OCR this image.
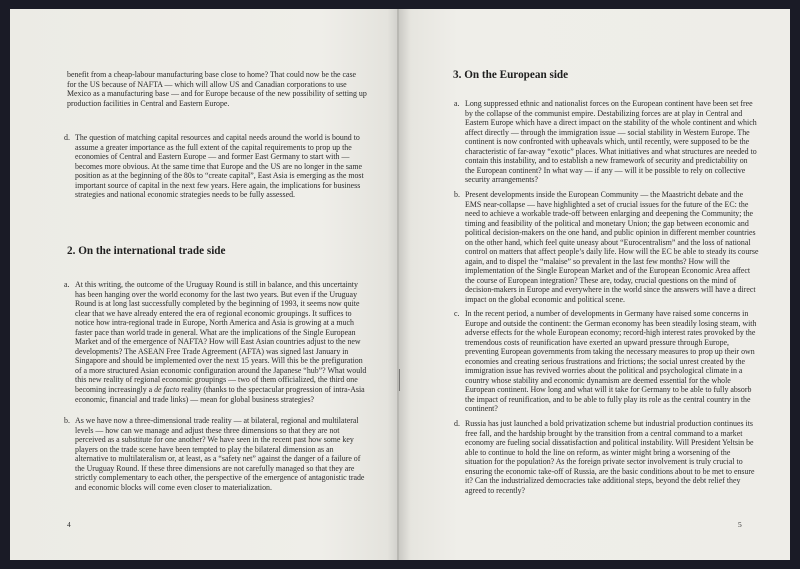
benefit from a cheap-labour manufacturing base close to home? That could now be the case for the US because of NAFTA — which will allow US and Canadian corporations to use Mexico as a manufacturing base — and for Europe because of the new possibility of setting up production facilities in Central and Eastern Europe.

d. The question of matching capital resources and capital needs around the world is bound to assume a greater importance as the full extent of the capital requirements to prop up the economies of Central and Eastern Europe — and former East Germany to start with — becomes more obvious. At the same time that Europe and the US are no longer in the same position as at the beginning of the 80s to “create capital”, East Asia is emerging as the most important source of capital in the next few years. Here again, the implications for business strategies and national economic strategies needs to be fully assessed.
2. On the international trade side
a. At this writing, the outcome of the Uruguay Round is still in balance, and this uncertainty has been hanging over the world economy for the last two years. But even if the Uruguay Round is at long last successfully completed by the beginning of 1993, it seems now quite clear that we have already entered the era of regional economic groupings. It suffices to notice how intra-regional trade in Europe, North America and Asia is growing at a much faster pace than world trade in general. What are the implications of the Single European Market and of the emergence of NAFTA? How will East Asian countries adjust to the new developments? The ASEAN Free Trade Agreement (AFTA) was signed last January in Singapore and should be implemented over the next 15 years. Will this be the prefiguration of a more structured Asian economic configuration around the Japanese “hub”? What would this new reality of regional economic groupings — two of them officialized, the third one becoming increasingly a de facto reality (thanks to the spectacular progression of intra-Asia economic, financial and trade links) — mean for global business strategies?
b. As we have now a three-dimensional trade reality — at bilateral, regional and multilateral levels — how can we manage and adjust these three dimensions so that they are not perceived as a substitute for one another? We have seen in the recent past how some key players on the trade scene have been tempted to play the bilateral dimension as an alternative to multilateralism or, at least, as a “safety net” against the danger of a failure of the Uruguay Round. If these three dimensions are not carefully managed so that they are strictly complementary to each other, the perspective of the emergence of antagonistic trade and economic blocks will come even closer to materialization.
4
3. On the European side
a. Long suppressed ethnic and nationalist forces on the European continent have been set free by the collapse of the communist empire. Destabilizing forces are at play in Central and Eastern Europe which have a direct impact on the stability of the whole continent and which affect directly — through the immigration issue — social stability in Western Europe. The continent is now confronted with upheavals which, until recently, were supposed to be the characteristic of far-away “exotic” places. What initiatives and what structures are needed to contain this instability, and to establish a new framework of security and predictability on the European continent? In what way — if any — will it be possible to rely on collective security arrangements?
b. Present developments inside the European Community — the Maastricht debate and the EMS near-collapse — have highlighted a set of crucial issues for the future of the EC: the need to achieve a workable trade-off between enlarging and deepening the Community; the timing and feasibility of the political and monetary Union; the gap between economic and political decision-makers on the one hand, and public opinion in different member countries on the other hand, which feel quite uneasy about “Eurocentralism” and the loss of national control on matters that affect people’s daily life. How will the EC be able to steady its course again, and to dispel the “malaise” so prevalent in the last few months? How will the implementation of the Single European Market and of the European Economic Area affect the course of European integration? These are, today, crucial questions on the mind of decision-makers in Europe and everywhere in the world since the answers will have a direct impact on the global economic and political scene.
c. In the recent period, a number of developments in Germany have raised some concerns in Europe and outside the continent: the German economy has been steadily losing steam, with adverse effects for the whole European economy; record-high interest rates provoked by the tremendous costs of reunification have exerted an upward pressure through Europe, preventing European governments from taking the necessary measures to prop up their own economies and creating serious frustrations and frictions; the social unrest created by the immigration issue has revived worries about the political and psychological climate in a country whose stability and economic dynamism are deemed essential for the whole European continent. How long and what will it take for Germany to be able to fully absorb the impact of reunification, and to be able to fully play its role as the central country in the continent?
d. Russia has just launched a bold privatization scheme but industrial production continues its free fall, and the hardship brought by the transition from a central command to a market economy are fueling social dissatisfaction and political instability. Will President Yeltsin be able to continue to hold the line on reform, as winter might bring a worsening of the situation for the population? As the foreign private sector involvement is truly crucial to ensuring the economic take-off of Russia, are the basic conditions about to be met to ensure it? Can the industrialized democracies take additional steps, beyond the debt relief they agreed to recently?
5
